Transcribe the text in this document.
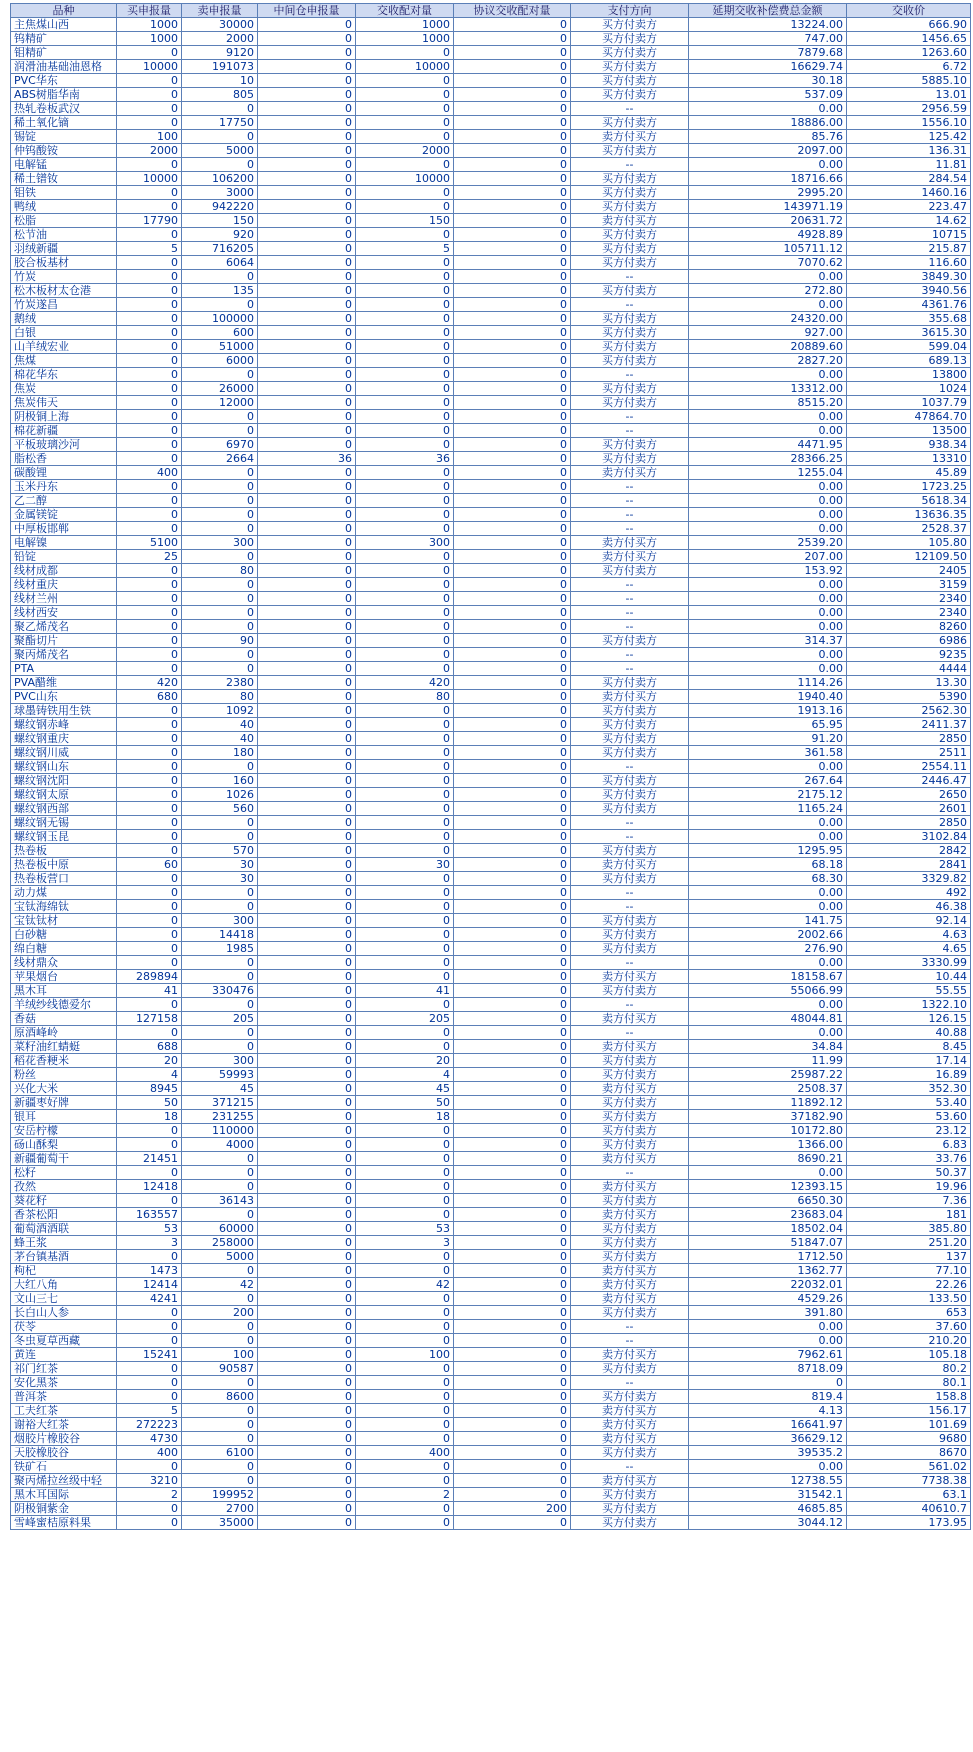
品种	买申报量	卖申报量	中间仓申报量	交收配对量	协议交收配对量	支付方向	延期交收补偿费总金额	交收价
主焦煤山西	1000	30000	0	1000	0	买方付卖方	13224.00	666.90
钨精矿	1000	2000	0	1000	0	买方付卖方	747.00	1456.65
钼精矿	0	9120	0	0	0	买方付卖方	7879.68	1263.60
润滑油基础油恩格	10000	191073	0	10000	0	买方付卖方	16629.74	6.72
PVC华东	0	10	0	0	0	买方付卖方	30.18	5885.10
ABS树脂华南	0	805	0	0	0	买方付卖方	537.09	13.01
热轧卷板武汉	0	0	0	0	0	--	0.00	2956.59
稀土氧化镝	0	17750	0	0	0	买方付卖方	18886.00	1556.10
锡锭	100	0	0	0	0	卖方付买方	85.76	125.42
仲钨酸铵	2000	5000	0	2000	0	买方付卖方	2097.00	136.31
电解锰	0	0	0	0	0	--	0.00	11.81
稀土镨钕	10000	106200	0	10000	0	买方付卖方	18716.66	284.54
钼铁	0	3000	0	0	0	买方付卖方	2995.20	1460.16
鸭绒	0	942220	0	0	0	买方付卖方	143971.19	223.47
松脂	17790	150	0	150	0	卖方付买方	20631.72	14.62
松节油	0	920	0	0	0	买方付卖方	4928.89	10715
羽绒新疆	5	716205	0	5	0	买方付卖方	105711.12	215.87
胶合板基材	0	6064	0	0	0	买方付卖方	7070.62	116.60
竹炭	0	0	0	0	0	--	0.00	3849.30
松木板材太仓港	0	135	0	0	0	买方付卖方	272.80	3940.56
竹炭遂昌	0	0	0	0	0	--	0.00	4361.76
鹅绒	0	100000	0	0	0	买方付卖方	24320.00	355.68
白银	0	600	0	0	0	买方付卖方	927.00	3615.30
山羊绒宏业	0	51000	0	0	0	买方付卖方	20889.60	599.04
焦煤	0	6000	0	0	0	买方付卖方	2827.20	689.13
棉花华东	0	0	0	0	0	--	0.00	13800
焦炭	0	26000	0	0	0	买方付卖方	13312.00	1024
焦炭伟天	0	12000	0	0	0	买方付卖方	8515.20	1037.79
阴极铜上海	0	0	0	0	0	--	0.00	47864.70
棉花新疆	0	0	0	0	0	--	0.00	13500
平板玻璃沙河	0	6970	0	0	0	买方付卖方	4471.95	938.34
脂松香	0	2664	36	36	0	买方付卖方	28366.25	13310
碳酸锂	400	0	0	0	0	卖方付买方	1255.04	45.89
玉米丹东	0	0	0	0	0	--	0.00	1723.25
乙二醇	0	0	0	0	0	--	0.00	5618.34
金属镁锭	0	0	0	0	0	--	0.00	13636.35
中厚板邯郸	0	0	0	0	0	--	0.00	2528.37
电解镍	5100	300	0	300	0	卖方付买方	2539.20	105.80
铅锭	25	0	0	0	0	卖方付买方	207.00	12109.50
线材成都	0	80	0	0	0	买方付卖方	153.92	2405
线材重庆	0	0	0	0	0	--	0.00	3159
线材兰州	0	0	0	0	0	--	0.00	2340
线材西安	0	0	0	0	0	--	0.00	2340
聚乙烯茂名	0	0	0	0	0	--	0.00	8260
聚酯切片	0	90	0	0	0	买方付卖方	314.37	6986
聚丙烯茂名	0	0	0	0	0	--	0.00	9235
PTA	0	0	0	0	0	--	0.00	4444
PVA醋维	420	2380	0	420	0	买方付卖方	1114.26	13.30
PVC山东	680	80	0	80	0	卖方付买方	1940.40	5390
球墨铸铁用生铁	0	1092	0	0	0	买方付卖方	1913.16	2562.30
螺纹钢赤峰	0	40	0	0	0	买方付卖方	65.95	2411.37
螺纹钢重庆	0	40	0	0	0	买方付卖方	91.20	2850
螺纹钢川威	0	180	0	0	0	买方付卖方	361.58	2511
螺纹钢山东	0	0	0	0	0	--	0.00	2554.11
螺纹钢沈阳	0	160	0	0	0	买方付卖方	267.64	2446.47
螺纹钢太原	0	1026	0	0	0	买方付卖方	2175.12	2650
螺纹钢西部	0	560	0	0	0	买方付卖方	1165.24	2601
螺纹钢无锡	0	0	0	0	0	--	0.00	2850
螺纹钢玉昆	0	0	0	0	0	--	0.00	3102.84
热卷板	0	570	0	0	0	买方付卖方	1295.95	2842
热卷板中原	60	30	0	30	0	卖方付买方	68.18	2841
热卷板营口	0	30	0	0	0	买方付卖方	68.30	3329.82
动力煤	0	0	0	0	0	--	0.00	492
宝钛海绵钛	0	0	0	0	0	--	0.00	46.38
宝钛钛材	0	300	0	0	0	买方付卖方	141.75	92.14
白砂糖	0	14418	0	0	0	买方付卖方	2002.66	4.63
绵白糖	0	1985	0	0	0	买方付卖方	276.90	4.65
线材鼎众	0	0	0	0	0	--	0.00	3330.99
苹果烟台	289894	0	0	0	0	卖方付买方	18158.67	10.44
黑木耳	41	330476	0	41	0	买方付卖方	55066.99	55.55
羊绒纱线德爱尔	0	0	0	0	0	--	0.00	1322.10
香菇	127158	205	0	205	0	卖方付买方	48044.81	126.15
原酒峰岭	0	0	0	0	0	--	0.00	40.88
菜籽油红蜻蜓	688	0	0	0	0	卖方付买方	34.84	8.45
稻花香粳米	20	300	0	20	0	买方付卖方	11.99	17.14
粉丝	4	59993	0	4	0	买方付卖方	25987.22	16.89
兴化大米	8945	45	0	45	0	卖方付买方	2508.37	352.30
新疆枣好牌	50	371215	0	50	0	买方付卖方	11892.12	53.40
银耳	18	231255	0	18	0	买方付卖方	37182.90	53.60
安岳柠檬	0	110000	0	0	0	买方付卖方	10172.80	23.12
砀山酥梨	0	4000	0	0	0	买方付卖方	1366.00	6.83
新疆葡萄干	21451	0	0	0	0	卖方付买方	8690.21	33.76
松籽	0	0	0	0	0	--	0.00	50.37
孜然	12418	0	0	0	0	卖方付买方	12393.15	19.96
葵花籽	0	36143	0	0	0	买方付卖方	6650.30	7.36
香茶松阳	163557	0	0	0	0	卖方付买方	23683.04	181
葡萄酒酒联	53	60000	0	53	0	买方付卖方	18502.04	385.80
蜂王浆	3	258000	0	3	0	买方付卖方	51847.07	251.20
茅台镇基酒	0	5000	0	0	0	买方付卖方	1712.50	137
枸杞	1473	0	0	0	0	卖方付买方	1362.77	77.10
大红八角	12414	42	0	42	0	卖方付买方	22032.01	22.26
文山三七	4241	0	0	0	0	卖方付买方	4529.26	133.50
长白山人参	0	200	0	0	0	买方付卖方	391.80	653
茯苓	0	0	0	0	0	--	0.00	37.60
冬虫夏草西藏	0	0	0	0	0	--	0.00	210.20
黄连	15241	100	0	100	0	卖方付买方	7962.61	105.18
祁门红茶	0	90587	0	0	0	买方付卖方	8718.09	80.2
安化黑茶	0	0	0	0	0	--	0	80.1
普洱茶	0	8600	0	0	0	买方付卖方	819.4	158.8
工夫红茶	5	0	0	0	0	卖方付买方	4.13	156.17
谢裕大红茶	272223	0	0	0	0	卖方付买方	16641.97	101.69
烟胶片橡胶谷	4730	0	0	0	0	卖方付买方	36629.12	9680
天胶橡胶谷	400	6100	0	400	0	买方付卖方	39535.2	8670
铁矿石	0	0	0	0	0	--	0.00	561.02
聚丙烯拉丝级中轻	3210	0	0	0	0	卖方付买方	12738.55	7738.38
黑木耳国际	2	199952	0	2	0	买方付卖方	31542.1	63.1
阴极铜紫金	0	2700	0	0	200	买方付卖方	4685.85	40610.7
雪峰蜜桔原料果	0	35000	0	0	0	买方付卖方	3044.12	173.95
